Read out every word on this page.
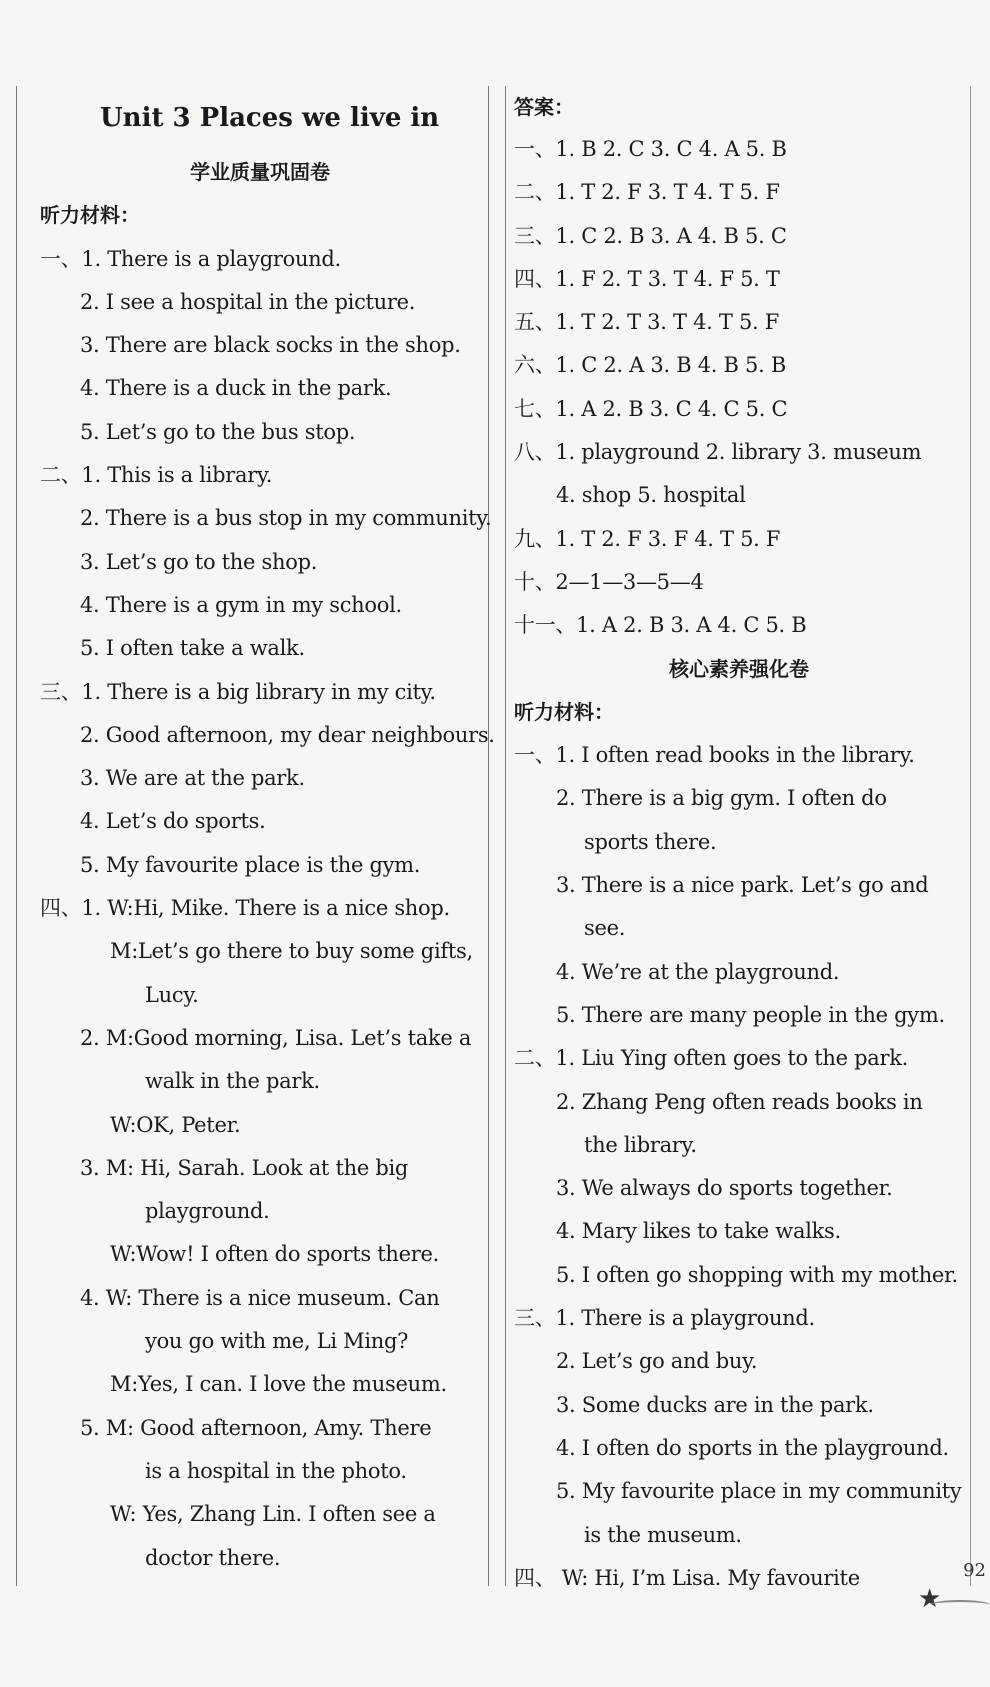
Unit 3 Places we live in
学业质量巩固卷
听力材料：
一、1. There is a playground.
2. I see a hospital in the picture.
3. There are black socks in the shop.
4. There is a duck in the park.
5. Let’s go to the bus stop.
二、1. This is a library.
2. There is a bus stop in my community.
3. Let’s go to the shop.
4. There is a gym in my school.
5. I often take a walk.
三、1. There is a big library in my city.
2. Good afternoon, my dear neighbours.
3. We are at the park.
4. Let’s do sports.
5. My favourite place is the gym.
四、1. W:Hi, Mike. There is a nice shop.
M:Let’s go there to buy some gifts,
Lucy.
2. M:Good morning, Lisa. Let’s take a
walk in the park.
W:OK, Peter.
3. M: Hi, Sarah. Look at the big
playground.
W:Wow! I often do sports there.
4. W: There is a nice museum. Can
you go with me, Li Ming?
M:Yes, I can. I love the museum.
5. M: Good afternoon, Amy. There
is a hospital in the photo.
W: Yes, Zhang Lin. I often see a
doctor there.
答案：
一、1. B 2. C 3. C 4. A 5. B
二、1. T 2. F 3. T 4. T 5. F
三、1. C 2. B 3. A 4. B 5. C
四、1. F 2. T 3. T 4. F 5. T
五、1. T 2. T 3. T 4. T 5. F
六、1. C 2. A 3. B 4. B 5. B
七、1. A 2. B 3. C 4. C 5. C
八、1. playground 2. library 3. museum
4. shop 5. hospital
九、1. T 2. F 3. F 4. T 5. F
十、2—1—3—5—4
十一、1. A 2. B 3. A 4. C 5. B
核心素养强化卷
听力材料：
一、1. I often read books in the library.
2. There is a big gym. I often do
sports there.
3. There is a nice park. Let’s go and
see.
4. We’re at the playground.
5. There are many people in the gym.
二、1. Liu Ying often goes to the park.
2. Zhang Peng often reads books in
the library.
3. We always do sports together.
4. Mary likes to take walks.
5. I often go shopping with my mother.
三、1. There is a playground.
2. Let’s go and buy.
3. Some ducks are in the park.
4. I often do sports in the playground.
5. My favourite place in my community
is the museum.
四、 W: Hi, I’m Lisa. My favourite
★
92
